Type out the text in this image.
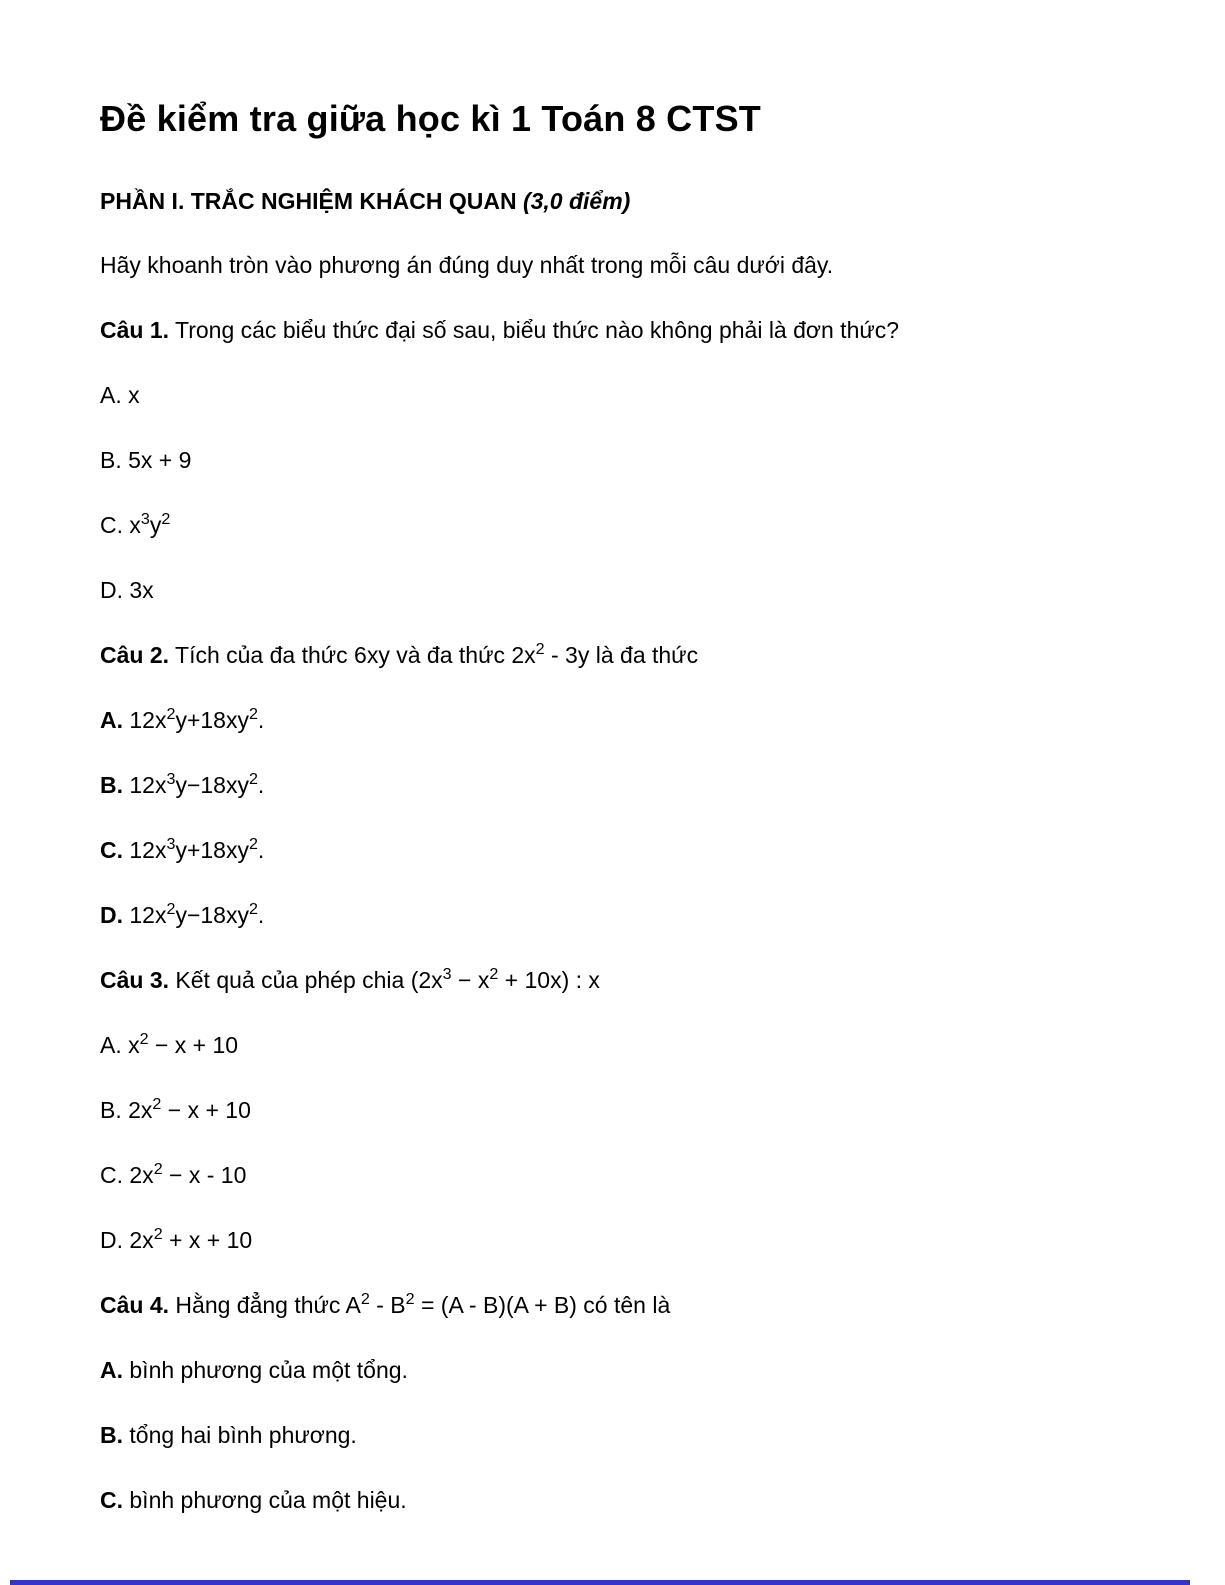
Đề kiểm tra giữa học kì 1 Toán 8 CTST
PHẦN I. TRẮC NGHIỆM KHÁCH QUAN (3,0 điểm)

Hãy khoanh tròn vào phương án đúng duy nhất trong mỗi câu dưới đây.

Câu 1. Trong các biểu thức đại số sau, biểu thức nào không phải là đơn thức?

A. x

B. 5x + 9

C. $x^3y^2$

D. 3x

Câu 2. Tích của đa thức 6xy và đa thức $2x^2 - 3y$ là đa thức

A. $12x^2y+18xy^2$.

B. $12x^3y-18xy^2$.

C. $12x^3y+18xy^2$.

D. $12x^2y-18xy^2$.

Câu 3. Kết quả của phép chia $(2x^3 - x^2 + 10x)$ : x

A. $x^2 - x + 10$

B. $2x^2 - x + 10$

C. $2x^2 - x - 10$

D. $2x^2 + x + 10$

Câu 4. Hằng đẳng thức $A^2 - B^2 = (A - B)(A + B)$ có tên là

A. bình phương của một tổng.

B. tổng hai bình phương.

C. bình phương của một hiệu.
